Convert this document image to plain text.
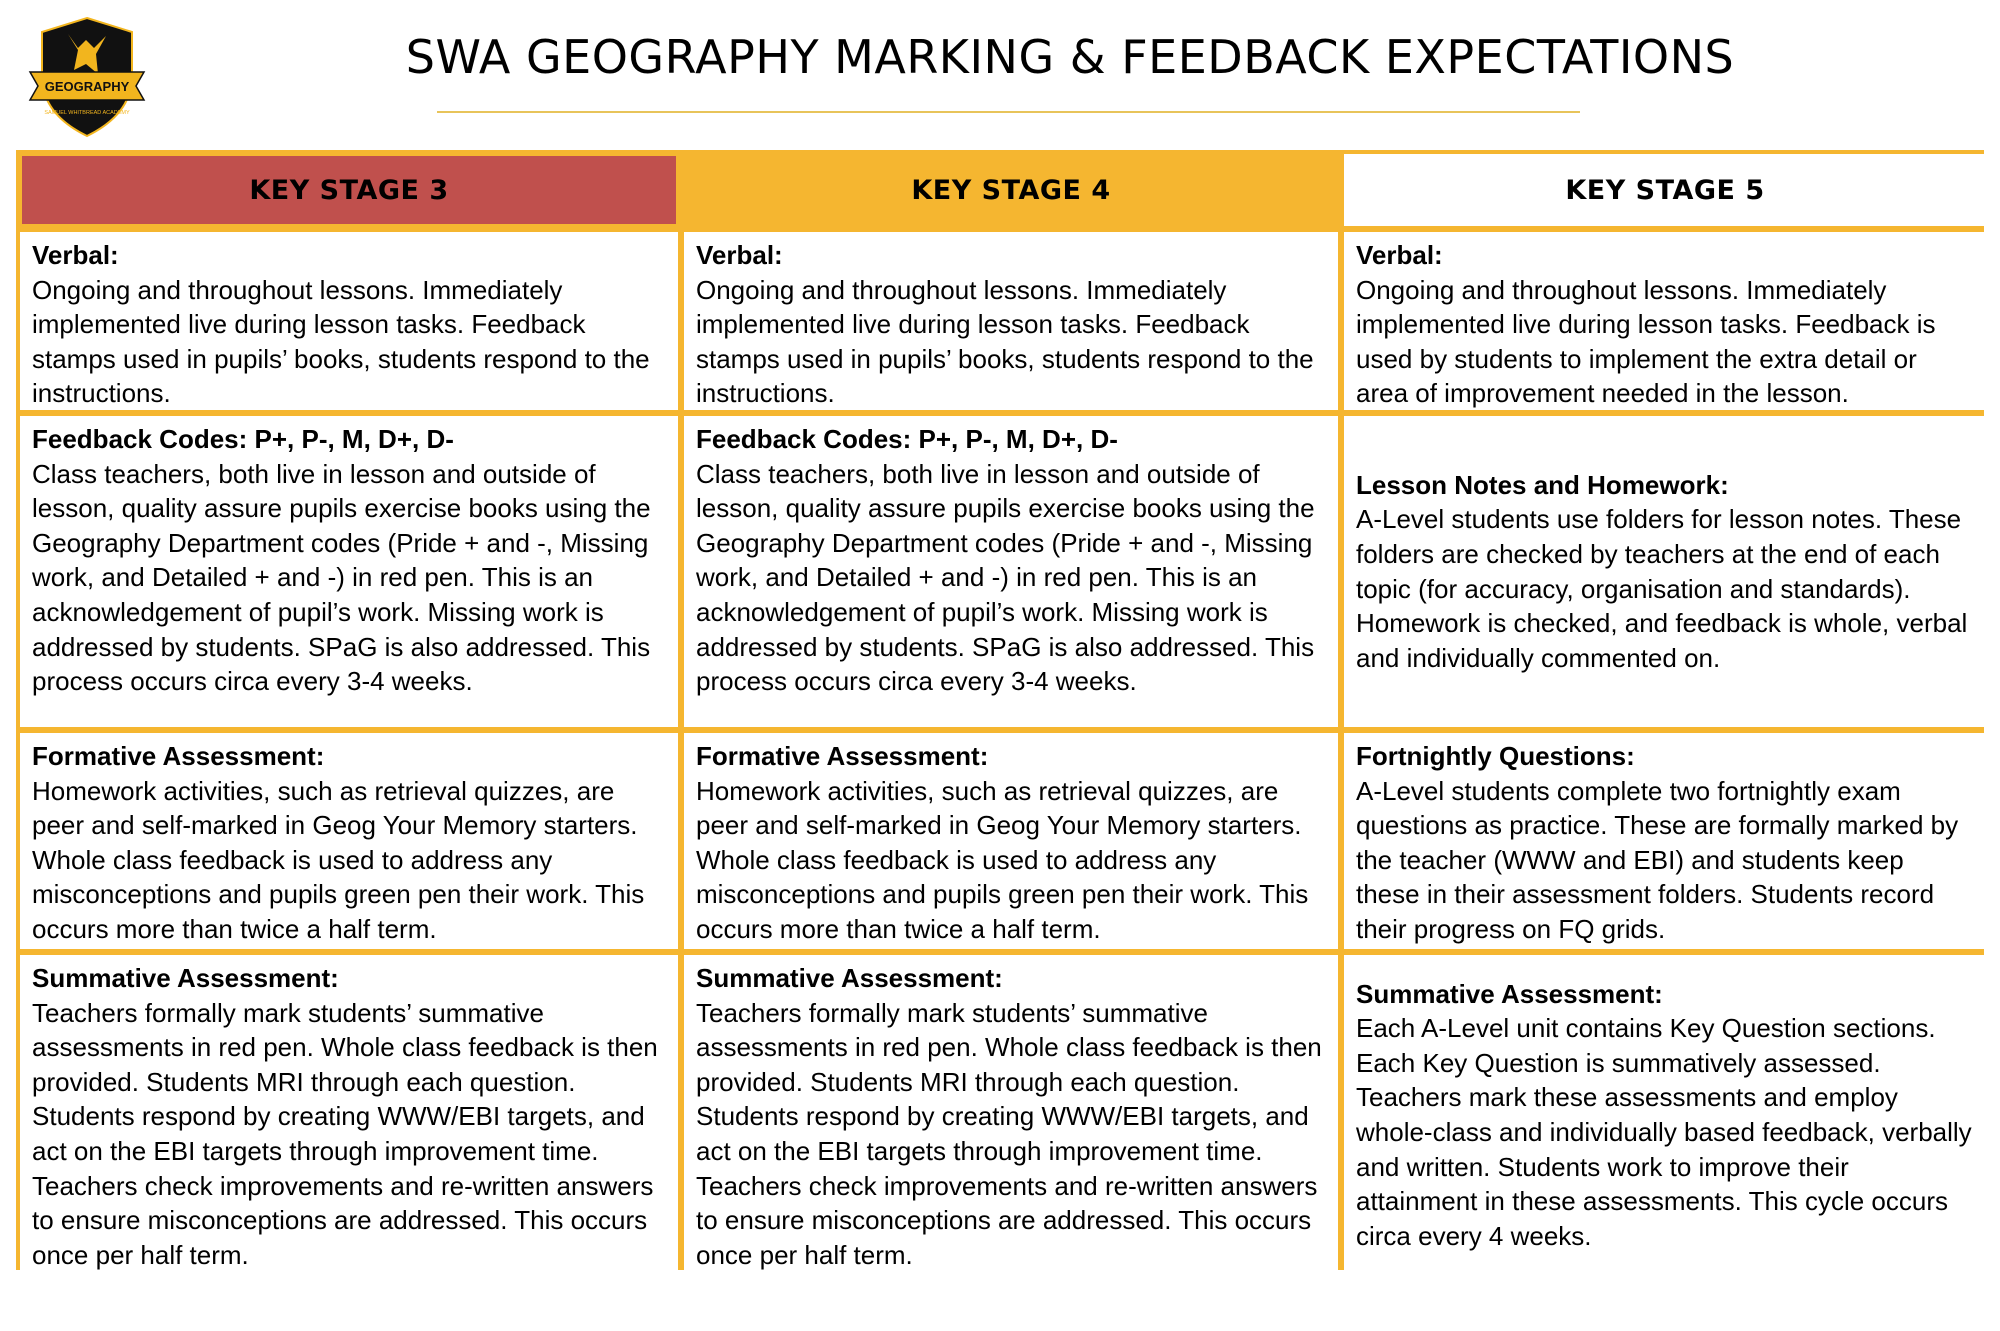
GEOGRAPHY
SAMUEL WHITBREAD ACADEMY
SWA GEOGRAPHY MARKING & FEEDBACK EXPECTATIONS
KEY STAGE 3	KEY STAGE 4	KEY STAGE 5
Verbal:
Ongoing and throughout lessons. Immediately implemented live during lesson tasks. Feedback stamps used in pupils’ books, students respond to the instructions.
Verbal:
Ongoing and throughout lessons. Immediately implemented live during lesson tasks. Feedback stamps used in pupils’ books, students respond to the instructions.
Verbal:
Ongoing and throughout lessons. Immediately implemented live during lesson tasks. Feedback is used by students to implement the extra detail or area of improvement needed in the lesson.
Feedback Codes: P+, P-, M, D+, D-
Class teachers, both live in lesson and outside of lesson, quality assure pupils exercise books using the Geography Department codes (Pride + and -, Missing work, and Detailed + and -) in red pen. This is an acknowledgement of pupil’s work. Missing work is addressed by students. SPaG is also addressed. This process occurs circa every 3-4 weeks.
Feedback Codes: P+, P-, M, D+, D-
Class teachers, both live in lesson and outside of lesson, quality assure pupils exercise books using the Geography Department codes (Pride + and -, Missing work, and Detailed + and -) in red pen. This is an acknowledgement of pupil’s work. Missing work is addressed by students. SPaG is also addressed. This process occurs circa every 3-4 weeks.
Lesson Notes and Homework:
A-Level students use folders for lesson notes. These folders are checked by teachers at the end of each topic (for accuracy, organisation and standards). Homework is checked, and feedback is whole, verbal and individually commented on.
Formative Assessment:
Homework activities, such as retrieval quizzes, are peer and self-marked in Geog Your Memory starters. Whole class feedback is used to address any misconceptions and pupils green pen their work. This occurs more than twice a half term.
Formative Assessment:
Homework activities, such as retrieval quizzes, are peer and self-marked in Geog Your Memory starters. Whole class feedback is used to address any misconceptions and pupils green pen their work. This occurs more than twice a half term.
Fortnightly Questions:
A-Level students complete two fortnightly exam questions as practice. These are formally marked by the teacher (WWW and EBI) and students keep these in their assessment folders. Students record their progress on FQ grids.
Summative Assessment:
Teachers formally mark students’ summative assessments in red pen. Whole class feedback is then provided. Students MRI through each question. Students respond by creating WWW/EBI targets, and act on the EBI targets through improvement time. Teachers check improvements and re-written answers to ensure misconceptions are addressed. This occurs once per half term.
Summative Assessment:
Teachers formally mark students’ summative assessments in red pen. Whole class feedback is then provided. Students MRI through each question. Students respond by creating WWW/EBI targets, and act on the EBI targets through improvement time. Teachers check improvements and re-written answers to ensure misconceptions are addressed. This occurs once per half term.
Summative Assessment:
Each A-Level unit contains Key Question sections. Each Key Question is summatively assessed. Teachers mark these assessments and employ whole-class and individually based feedback, verbally and written. Students work to improve their attainment in these assessments. This cycle occurs circa every 4 weeks.
